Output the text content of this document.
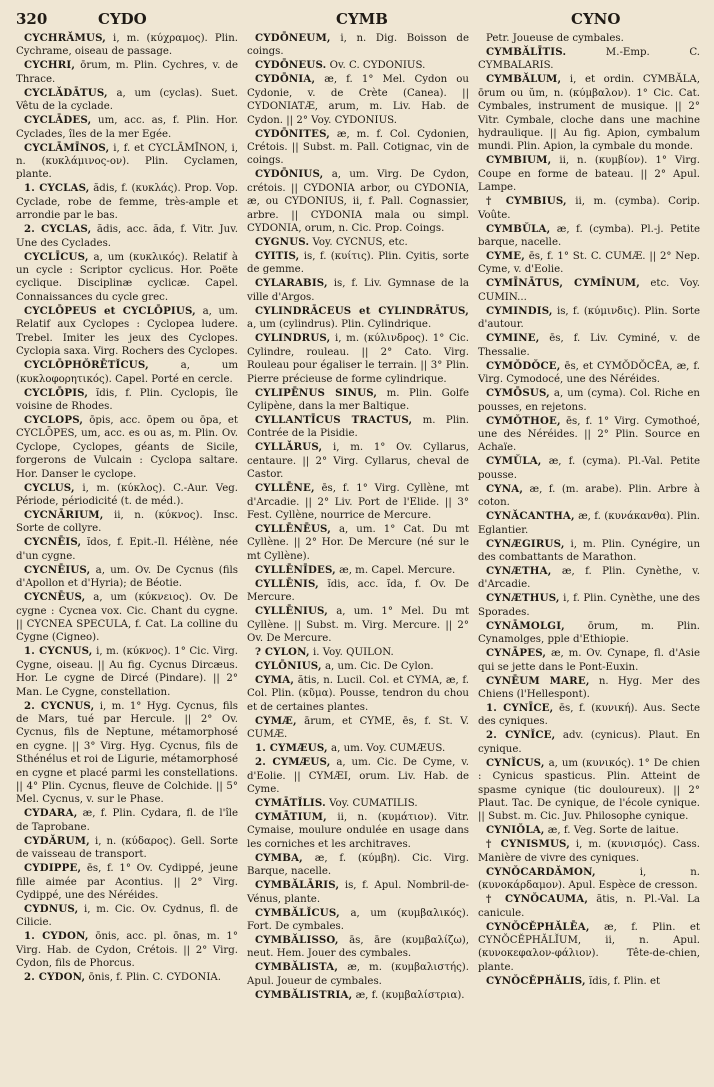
320	CYDO	CYMB	CYNO

CYCHRĂMUS, i, m. (κύχραμος). Plin. Cychrame, oiseau de passage.

CYCHRI, ōrum, m. Plin. Cychres, v. de Thrace.

CYCLĂDĀTUS, a, um (cyclas). Suet. Vêtu de la cyclade.

CYCLĀDES, um, acc. as, f. Plin. Hor. Cyclades, îles de la mer Egée.

CYCLĀMĪNOS, i, f. et CYCLĀMĪNON, i, n. (κυκλάμινος-ον). Plin. Cyclamen, plante.

1. CYCLAS, ădis, f. (κυκλάς). Prop. Vop. Cyclade, robe de femme, très-ample et arrondie par le bas.

2. CYCLAS, ădis, acc. ăda, f. Vitr. Juv. Une des Cyclades.

CYCLĪCUS, a, um (κυκλικός). Relatif à un cycle : Scriptor cyclicus. Hor. Poëte cyclique. Disciplinæ cyclicæ. Capel. Connaissances du cycle grec.

CYCLŌPEUS et CYCLŌPIUS, a, um. Relatif aux Cyclopes : Cyclopea ludere. Trebel. Imiter les jeux des Cyclopes. Cyclopia saxa. Virg. Rochers des Cyclopes.

CYCLŌPHŎRĒTĬCUS, a, um (κυκλοφορητικός). Capel. Porté en cercle.

CYCLŌPIS, ĭdis, f. Plin. Cyclopis, île voisine de Rhodes.

CYCLOPS, ōpis, acc. ōpem ou ōpa, et CYCLŌPES, um, acc. es ou as, m. Plin. Ov. Cyclope, Cyclopes, géants de Sicile, forgerons de Vulcain : Cyclopa saltare. Hor. Danser le cyclope.

CYCLUS, i, m. (κύκλος). C.-Aur. Veg. Période, périodicité (t. de méd.).

CYCNĀRIUM, ii, n. (κύκνος). Insc. Sorte de collyre.

CYCNĒIS, ĭdos, f. Epit.-Il. Hélène, née d'un cygne.

CYCNĒIUS, a, um. Ov. De Cycnus (fils d'Apollon et d'Hyria); de Béotie.

CYCNĒUS, a, um (κύκνειος). Ov. De cygne : Cycnea vox. Cic. Chant du cygne. || CYCNEA SPECULA, f. Cat. La colline du Cygne (Cigneo).

1. CYCNUS, i, m. (κύκνος). 1° Cic. Virg. Cygne, oiseau. || Au fig. Cycnus Dircæus. Hor. Le cygne de Dircé (Pindare). || 2° Man. Le Cygne, constellation.

2. CYCNUS, i, m. 1° Hyg. Cycnus, fils de Mars, tué par Hercule. || 2° Ov. Cycnus, fils de Neptune, métamorphosé en cygne. || 3° Virg. Hyg. Cycnus, fils de Sthénélus et roi de Ligurie, métamorphosé en cygne et placé parmi les constellations. || 4° Plin. Cycnus, fleuve de Colchide. || 5° Mel. Cycnus, v. sur le Phase.

CYDARA, æ, f. Plin. Cydara, fl. de l'île de Taprobane.

CYDĂRUM, i, n. (κύδαρος). Gell. Sorte de vaisseau de transport.

CYDIPPE, ēs, f. 1° Ov. Cydippé, jeune fille aimée par Acontius. || 2° Virg. Cydippé, une des Néréides.

CYDNUS, i, m. Cic. Ov. Cydnus, fl. de Cilicie.

1. CYDON, ōnis, acc. pl. ōnas, m. 1° Virg. Hab. de Cydon, Crétois. || 2° Virg. Cydon, fils de Phorcus.

2. CYDON, ōnis, f. Plin. C. CYDONIA.

CYDŌNEUM, i, n. Dig. Boisson de coings.

CYDŌNEUS. Ov. C. CYDONIUS.

CYDŌNIA, æ, f. 1° Mel. Cydon ou Cydonie, v. de Crète (Canea). || CYDONIATÆ, arum, m. Liv. Hab. de Cydon. || 2° Voy. CYDONIUS.

CYDŌNITES, æ, m. f. Col. Cydonien, Crétois. || Subst. m. Pall. Cotignac, vin de coings.

CYDŌNIUS, a, um. Virg. De Cydon, crétois. || CYDONIA arbor, ou CYDONIA, æ, ou CYDONIUS, ii, f. Pall. Cognassier, arbre. || CYDONIA mala ou simpl. CYDONIA, orum, n. Cic. Prop. Coings.

CYGNUS. Voy. CYCNUS, etc.

CYITIS, is, f. (κυίτις). Plin. Cyitis, sorte de gemme.

CYLARABIS, is, f. Liv. Gymnase de la ville d'Argos.

CYLINDRĀCEUS et CYLINDRĀTUS, a, um (cylindrus). Plin. Cylindrique.

CYLINDRUS, i, m. (κύλινδρος). 1° Cic. Cylindre, rouleau. || 2° Cato. Virg. Rouleau pour égaliser le terrain. || 3° Plin. Pierre précieuse de forme cylindrique.

CYLIPĒNUS SINUS, m. Plin. Golfe Cylipène, dans la mer Baltique.

CYLLANTĪCUS TRACTUS, m. Plin. Contrée de la Pisidie.

CYLLĂRUS, i, m. 1° Ov. Cyllarus, centaure. || 2° Virg. Cyllarus, cheval de Castor.

CYLLĒNE, ēs, f. 1° Virg. Cyllène, mt d'Arcadie. || 2° Liv. Port de l'Elide. || 3° Fest. Cyllène, nourrice de Mercure.

CYLLĒNĒUS, a, um. 1° Cat. Du mt Cyllène. || 2° Hor. De Mercure (né sur le mt Cyllène).

CYLLĒNĪDES, æ, m. Capel. Mercure.

CYLLĒNIS, ĭdis, acc. ĭda, f. Ov. De Mercure.

CYLLĒNIUS, a, um. 1° Mel. Du mt Cyllène. || Subst. m. Virg. Mercure. || 2° Ov. De Mercure.

? CYLON, i. Voy. QUILON.

CYLŌNIUS, a, um. Cic. De Cylon.

CYMA, ătis, n. Lucil. Col. et CYMA, æ, f. Col. Plin. (κῦμα). Pousse, tendron du chou et de certaines plantes.

CYMÆ, ārum, et CYME, ēs, f. St. V. CUMÆ.

1. CYMÆUS, a, um. Voy. CUMÆUS.

2. CYMÆUS, a, um. Cic. De Cyme, v. d'Eolie. || CYMÆI, orum. Liv. Hab. de Cyme.

CYMĀTĬLIS. Voy. CUMATILIS.

CYMĀTIUM, ii, n. (κυμάτιον). Vitr. Cymaise, moulure ondulée en usage dans les corniches et les architraves.

CYMBA, æ, f. (κύμβη). Cic. Virg. Barque, nacelle.

CYMBĂLĀRIS, is, f. Apul. Nombril-de-Vénus, plante.

CYMBĂLĬCUS, a, um (κυμβαλικός). Fort. De cymbales.

CYMBĂLISSO, ās, āre (κυμβαλίζω), neut. Hem. Jouer des cymbales.

CYMBĂLISTA, æ, m. (κυμβαλιστής). Apul. Joueur de cymbales.

CYMBĂLISTRIA, æ, f. (κυμβαλίστρια).

Petr. Joueuse de cymbales.

CYMBĂLĪTIS. M.-Emp. C. CYMBALARIS.

CYMBĂLUM, i, et ordin. CYMBĂLA, ōrum ou ŭm, n. (κύμβαλον). 1° Cic. Cat. Cymbales, instrument de musique. || 2° Vitr. Cymbale, cloche dans une machine hydraulique. || Au fig. Apion, cymbalum mundi. Plin. Apion, la cymbale du monde.

CYMBIUM, ii, n. (κυμβίον). 1° Virg. Coupe en forme de bateau. || 2° Apul. Lampe.

† CYMBIUS, ii, m. (cymba). Corip. Voûte.

CYMBŬLA, æ, f. (cymba). Pl.-j. Petite barque, nacelle.

CYME, ēs, f. 1° St. C. CUMÆ. || 2° Nep. Cyme, v. d'Eolie.

CYMĪNĀTUS, CYMĪNUM, etc. Voy. CUMIN...

CYMINDIS, is, f. (κύμινδις). Plin. Sorte d'autour.

CYMINE, ēs, f. Liv. Cyminé, v. de Thessalie.

CYMŎDŎCE, ēs, et CYMŎDŎCĒA, æ, f. Virg. Cymodocé, une des Néréides.

CYMŌSUS, a, um (cyma). Col. Riche en pousses, en rejetons.

CYMŎTHOE, ēs, f. 1° Virg. Cymothoé, une des Néréides. || 2° Plin. Source en Achaïe.

CYMŬLA, æ, f. (cyma). Pl.-Val. Petite pousse.

CYNA, æ, f. (m. arabe). Plin. Arbre à coton.

CYNĂCANTHA, æ, f. (κυνάκανθα). Plin. Eglantier.

CYNÆGIRUS, i, m. Plin. Cynégire, un des combattants de Marathon.

CYNÆTHA, æ, f. Plin. Cynèthe, v. d'Arcadie.

CYNÆTHUS, i, f. Plin. Cynèthe, une des Sporades.

CYNĀMOLGI, ōrum, m. Plin. Cynamolges, pple d'Ethiopie.

CYNĀPES, æ, m. Ov. Cynape, fl. d'Asie qui se jette dans le Pont-Euxin.

CYNĒUM MARE, n. Hyg. Mer des Chiens (l'Hellespont).

1. CYNĪCE, ēs, f. (κυνική). Aus. Secte des cyniques.

2. CYNĬCE, adv. (cynicus). Plaut. En cynique.

CYNĬCUS, a, um (κυνικός). 1° De chien : Cynicus spasticus. Plin. Atteint de spasme cynique (tic douloureux). || 2° Plaut. Tac. De cynique, de l'école cynique. || Subst. m. Cic. Juv. Philosophe cynique.

CYNIŎLA, æ, f. Veg. Sorte de laitue.

† CYNISMUS, i, m. (κυνισμός). Cass. Manière de vivre des cyniques.

CYNŎCARDĂMON, i, n. (κυνοκάρδαμον). Apul. Espèce de cresson.

† CYNŎCAUMA, ătis, n. Pl.-Val. La canicule.

CYNŎCĔPHĂLĒA, æ, f. Plin. et CYNŎCĔPHĂLĬUM, ii, n. Apul. (κυνοκεφαλον-φάλιον). Tête-de-chien, plante.

CYNŎCĔPHĂLIS, ĭdis, f. Plin. et
